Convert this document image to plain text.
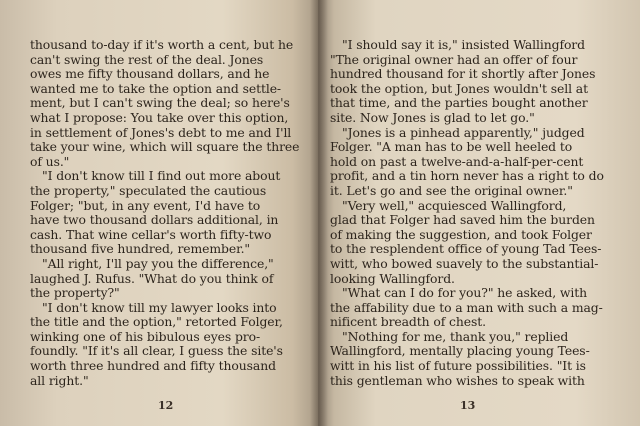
thousand to-day if it's worth a cent, but he
can't swing the rest of the deal. Jones
owes me fifty thousand dollars, and he
wanted me to take the option and settle-
ment, but I can't swing the deal; so here's
what I propose: You take over this option,
in settlement of Jones's debt to me and I'll
take your wine, which will square the three
of us."
"I don't know till I find out more about
the property," speculated the cautious
Folger; "but, in any event, I'd have to
have two thousand dollars additional, in
cash. That wine cellar's worth fifty-two
thousand five hundred, remember."
"All right, I'll pay you the difference,"
laughed J. Rufus. "What do you think of
the property?"
"I don't know till my lawyer looks into
the title and the option," retorted Folger,
winking one of his bibulous eyes pro-
foundly. "If it's all clear, I guess the site's
worth three hundred and fifty thousand
all right."
12
"I should say it is," insisted Wallingford
"The original owner had an offer of four
hundred thousand for it shortly after Jones
took the option, but Jones wouldn't sell at
that time, and the parties bought another
site. Now Jones is glad to let go."
"Jones is a pinhead apparently," judged
Folger. "A man has to be well heeled to
hold on past a twelve-and-a-half-per-cent
profit, and a tin horn never has a right to do
it. Let's go and see the original owner."
"Very well," acquiesced Wallingford,
glad that Folger had saved him the burden
of making the suggestion, and took Folger
to the resplendent office of young Tad Tees-
witt, who bowed suavely to the substantial-
looking Wallingford.
"What can I do for you?" he asked, with
the affability due to a man with such a mag-
nificent breadth of chest.
"Nothing for me, thank you," replied
Wallingford, mentally placing young Tees-
witt in his list of future possibilities. "It is
this gentleman who wishes to speak with
13
